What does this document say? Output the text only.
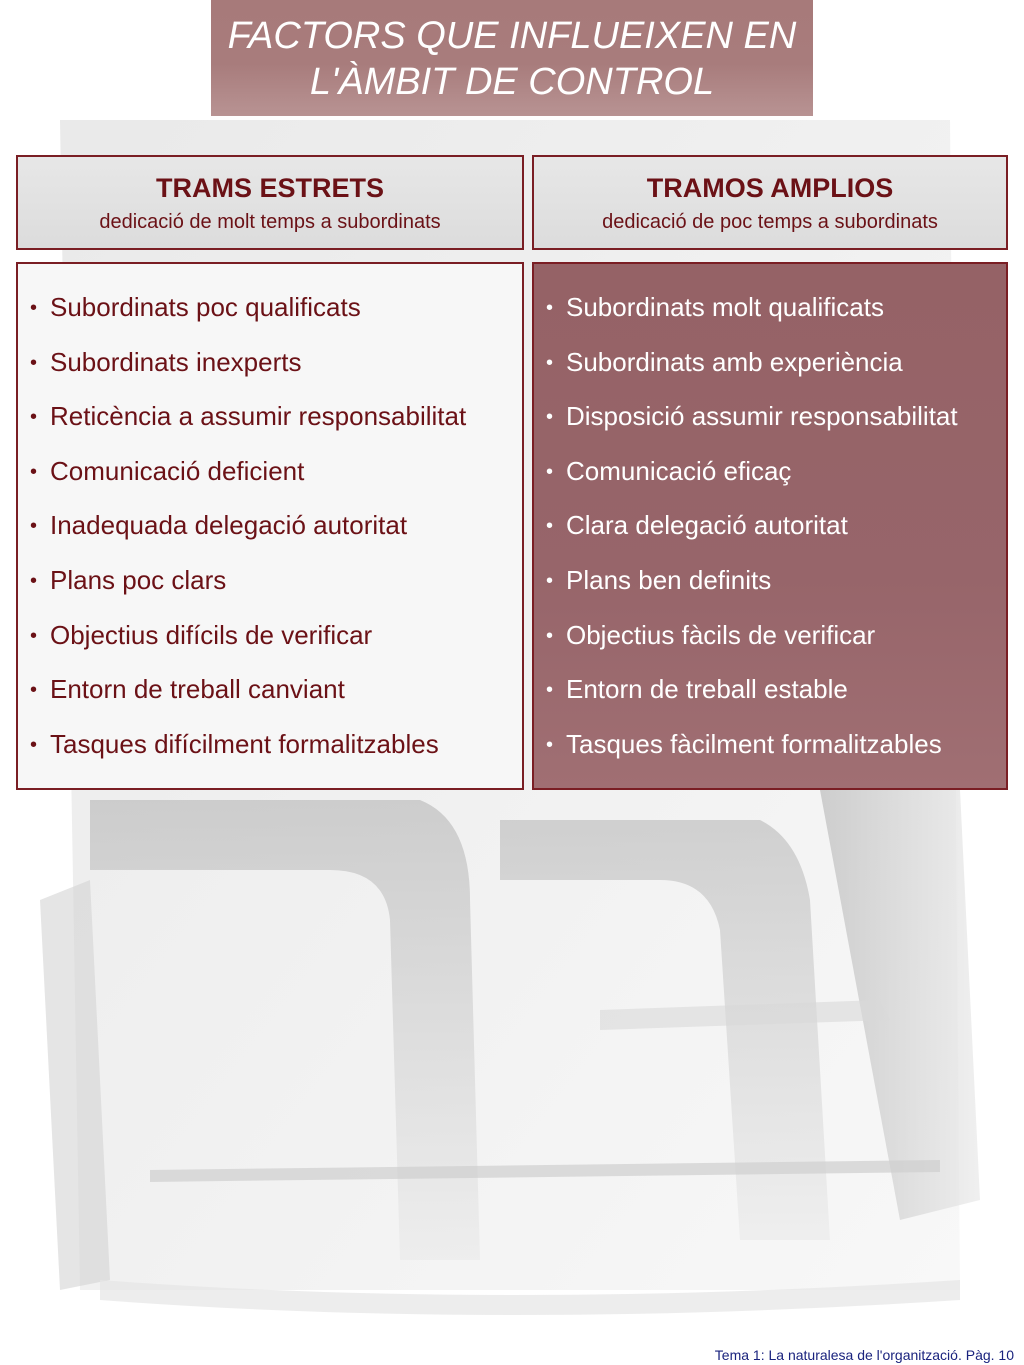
FACTORS QUE INFLUEIXEN EN
L'ÀMBIT DE CONTROL
TRAMS ESTRETS
dedicació de molt temps a subordinats
TRAMOS AMPLIOS
dedicació de poc temps a subordinats
• Subordinats poc qualificats
• Subordinats inexperts
• Reticència a assumir responsabilitat
• Comunicació deficient
• Inadequada delegació autoritat
• Plans poc clars
• Objectius difícils de verificar
• Entorn de treball canviant
• Tasques difícilment formalitzables
• Subordinats molt qualificats
• Subordinats amb experiència
• Disposició assumir responsabilitat
• Comunicació eficaç
• Clara delegació autoritat
• Plans ben definits
• Objectius fàcils de verificar
• Entorn de treball estable
• Tasques fàcilment formalitzables
Tema 1: La naturalesa de l'organització. Pàg. 10
